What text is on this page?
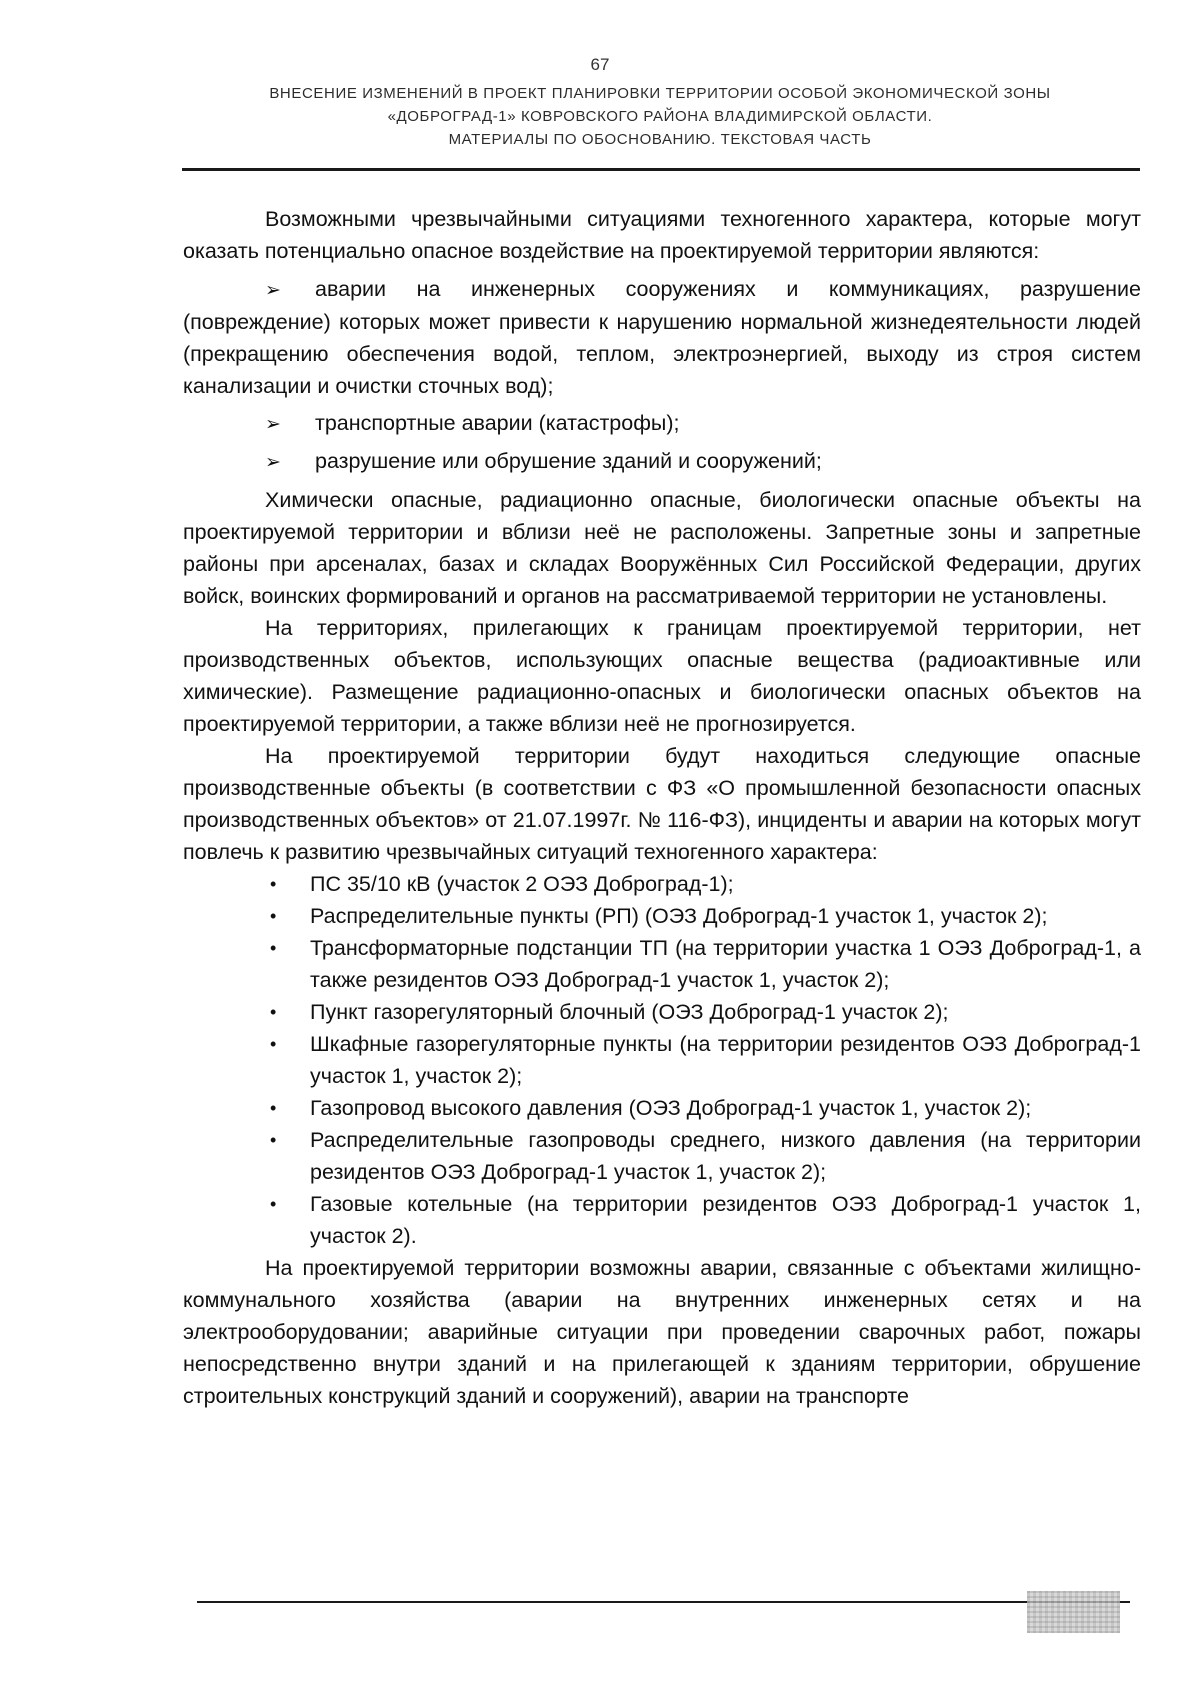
67
ВНЕСЕНИЕ ИЗМЕНЕНИЙ В ПРОЕКТ ПЛАНИРОВКИ ТЕРРИТОРИИ ОСОБОЙ ЭКОНОМИЧЕСКОЙ ЗОНЫ
«ДОБРОГРАД-1» КОВРОВСКОГО РАЙОНА ВЛАДИМИРСКОЙ ОБЛАСТИ.
МАТЕРИАЛЫ ПО ОБОСНОВАНИЮ. ТЕКСТОВАЯ ЧАСТЬ

Возможными чрезвычайными ситуациями техногенного характера, которые могут оказать потенциально опасное воздействие на проектируемой территории являются:

➢ аварии на инженерных сооружениях и коммуникациях, разрушение (повреждение) которых может привести к нарушению нормальной жизнедеятельности людей (прекращению обеспечения водой, теплом, электроэнергией, выходу из строя систем канализации и очистки сточных вод);
➢ транспортные аварии (катастрофы);
➢ разрушение или обрушение зданий и сооружений;

Химически опасные, радиационно опасные, биологически опасные объекты на проектируемой территории и вблизи неё не расположены. Запретные зоны и запретные районы при арсеналах, базах и складах Вооружённых Сил Российской Федерации, других войск, воинских формирований и органов на рассматриваемой территории не установлены.

На территориях, прилегающих к границам проектируемой территории, нет производственных объектов, использующих опасные вещества (радиоактивные или химические). Размещение радиационно-опасных и биологически опасных объектов на проектируемой территории, а также вблизи неё не прогнозируется.

На проектируемой территории будут находиться следующие опасные производственные объекты (в соответствии с ФЗ «О промышленной безопасности опасных производственных объектов» от 21.07.1997г. № 116-ФЗ), инциденты и аварии на которых могут повлечь к развитию чрезвычайных ситуаций техногенного характера:

• ПС 35/10 кВ (участок 2 ОЭЗ Доброград-1);
• Распределительные пункты (РП) (ОЭЗ Доброград-1 участок 1, участок 2);
• Трансформаторные подстанции ТП (на территории участка 1 ОЭЗ Доброград-1, а также резидентов ОЭЗ Доброград-1 участок 1, участок 2);
• Пункт газорегуляторный блочный (ОЭЗ Доброград-1 участок 2);
• Шкафные газорегуляторные пункты (на территории резидентов ОЭЗ Доброград-1 участок 1, участок 2);
• Газопровод высокого давления (ОЭЗ Доброград-1 участок 1, участок 2);
• Распределительные газопроводы среднего, низкого давления (на территории резидентов ОЭЗ Доброград-1 участок 1, участок 2);
• Газовые котельные (на территории резидентов ОЭЗ Доброград-1 участок 1, участок 2).

На проектируемой территории возможны аварии, связанные с объектами жилищно-коммунального хозяйства (аварии на внутренних инженерных сетях и на электрооборудовании; аварийные ситуации при проведении сварочных работ, пожары непосредственно внутри зданий и на прилегающей к зданиям территории, обрушение строительных конструкций зданий и сооружений), аварии на транспорте
